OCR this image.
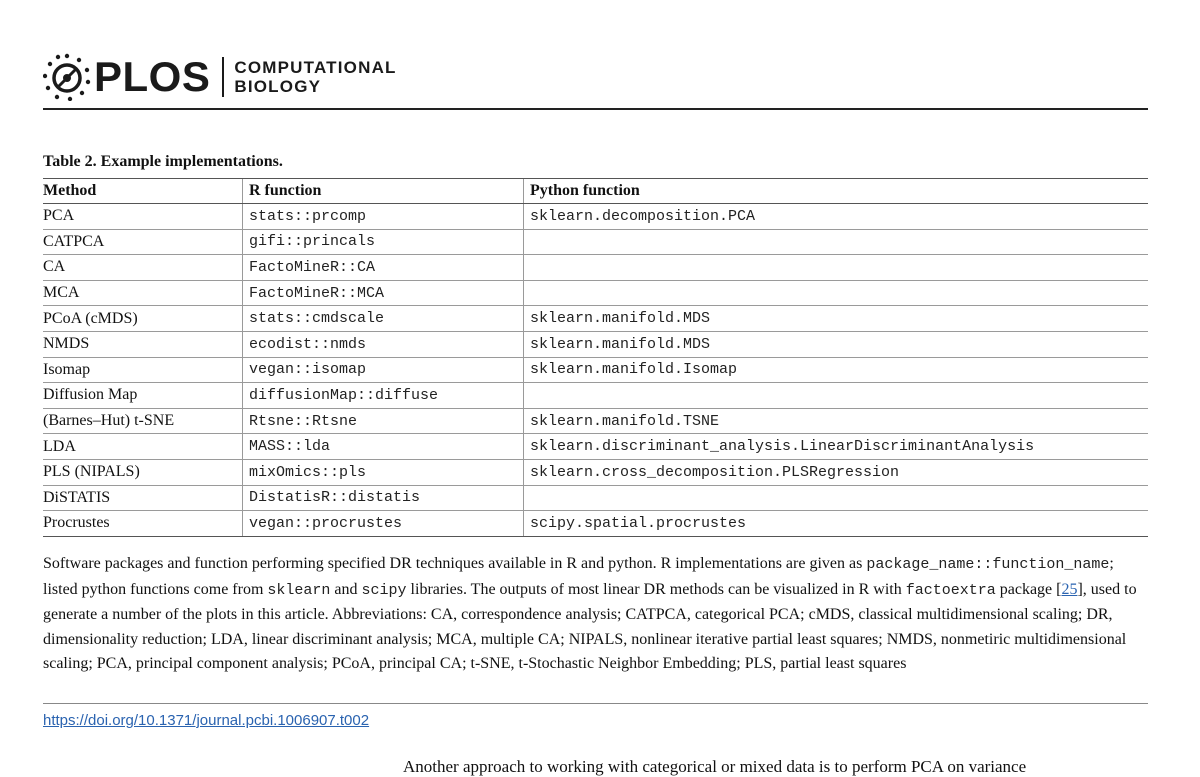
PLOS COMPUTATIONAL
BIOLOGY
Table 2. Example implementations.
Method	R function	Python function
PCA	stats::prcomp	sklearn.decomposition.PCA
CATPCA	gifi::princals	
CA	FactoMineR::CA	
MCA	FactoMineR::MCA	
PCoA (cMDS)	stats::cmdscale	sklearn.manifold.MDS
NMDS	ecodist::nmds	sklearn.manifold.MDS
Isomap	vegan::isomap	sklearn.manifold.Isomap
Diffusion Map	diffusionMap::diffuse	
(Barnes–Hut) t-SNE	Rtsne::Rtsne	sklearn.manifold.TSNE
LDA	MASS::lda	sklearn.discriminant_analysis.LinearDiscriminantAnalysis
PLS (NIPALS)	mixOmics::pls	sklearn.cross_decomposition.PLSRegression
DiSTATIS	DistatisR::distatis	
Procrustes	vegan::procrustes	scipy.spatial.procrustes

Software packages and function performing specified DR techniques available in R and python. R implementations are given as package_name::function_name; listed python functions come from sklearn and scipy libraries. The outputs of most linear DR methods can be visualized in R with factoextra package [25], used to generate a number of the plots in this article. Abbreviations: CA, correspondence analysis; CATPCA, categorical PCA; cMDS, classical multidimensional scaling; DR, dimensionality reduction; LDA, linear discriminant analysis; MCA, multiple CA; NIPALS, nonlinear iterative partial least squares; NMDS, nonmetiric multidimensional scaling; PCA, principal component analysis; PCoA, principal CA; t-SNE, t-Stochastic Neighbor Embedding; PLS, partial least squares

https://doi.org/10.1371/journal.pcbi.1006907.t002
Another approach to working with categorical or mixed data is to perform PCA on variance
